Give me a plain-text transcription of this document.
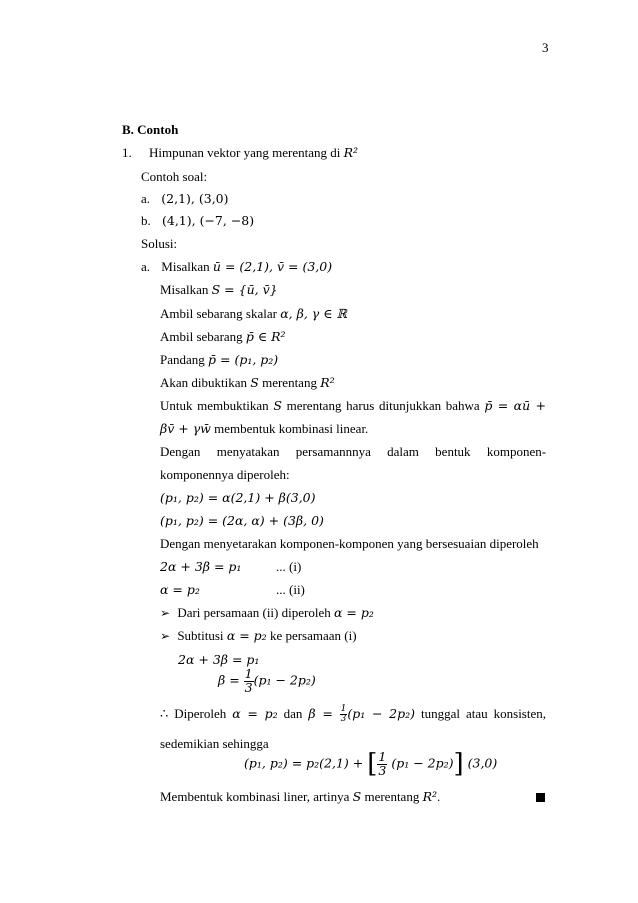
3
B. Contoh
1. Himpunan vektor yang merentang di R²
Contoh soal:
a. (2,1), (3,0)
b. (4,1), (−7, −8)
Solusi:
a. Misalkan ū = (2,1), v̄ = (3,0)
Misalkan S = {ū, v̄}
Ambil sebarang skalar α, β, γ ∈ ℝ
Ambil sebarang p̄ ∈ R²
Pandang p̄ = (p₁, p₂)
Akan dibuktikan S merentang R²
Untuk membuktikan S merentang harus ditunjukkan bahwa p̄ = αū +
βv̄ + γw̄ membentuk kombinasi linear.
Dengan menyatakan persamannnya dalam bentuk komponen-
komponennya diperoleh:
(p₁, p₂) = α(2,1) + β(3,0)
(p₁, p₂) = (2α, α) + (3β, 0)
Dengan menyetarakan komponen-komponen yang bersesuaian diperoleh
2α + 3β = p₁	... (i)
α = p₂	... (ii)
➢ Dari persamaan (ii) diperoleh α = p₂
➢ Subtitusi α = p₂ ke persamaan (i)
2α + 3β = p₁
$\beta = \frac{1}{3} (p_1 - 2p_2)$
∴ Diperoleh α = p₂ dan $\beta = \frac{1}{3} (p_1 - 2p_2)$ tunggal atau konsisten,
sedemikian sehingga
(p₁, p₂) = p₂(2,1) + [ $\frac{1}{3} (p_1 - 2p_2)$] (3,0)
Membentuk kombinasi liner, artinya S merentang R².
